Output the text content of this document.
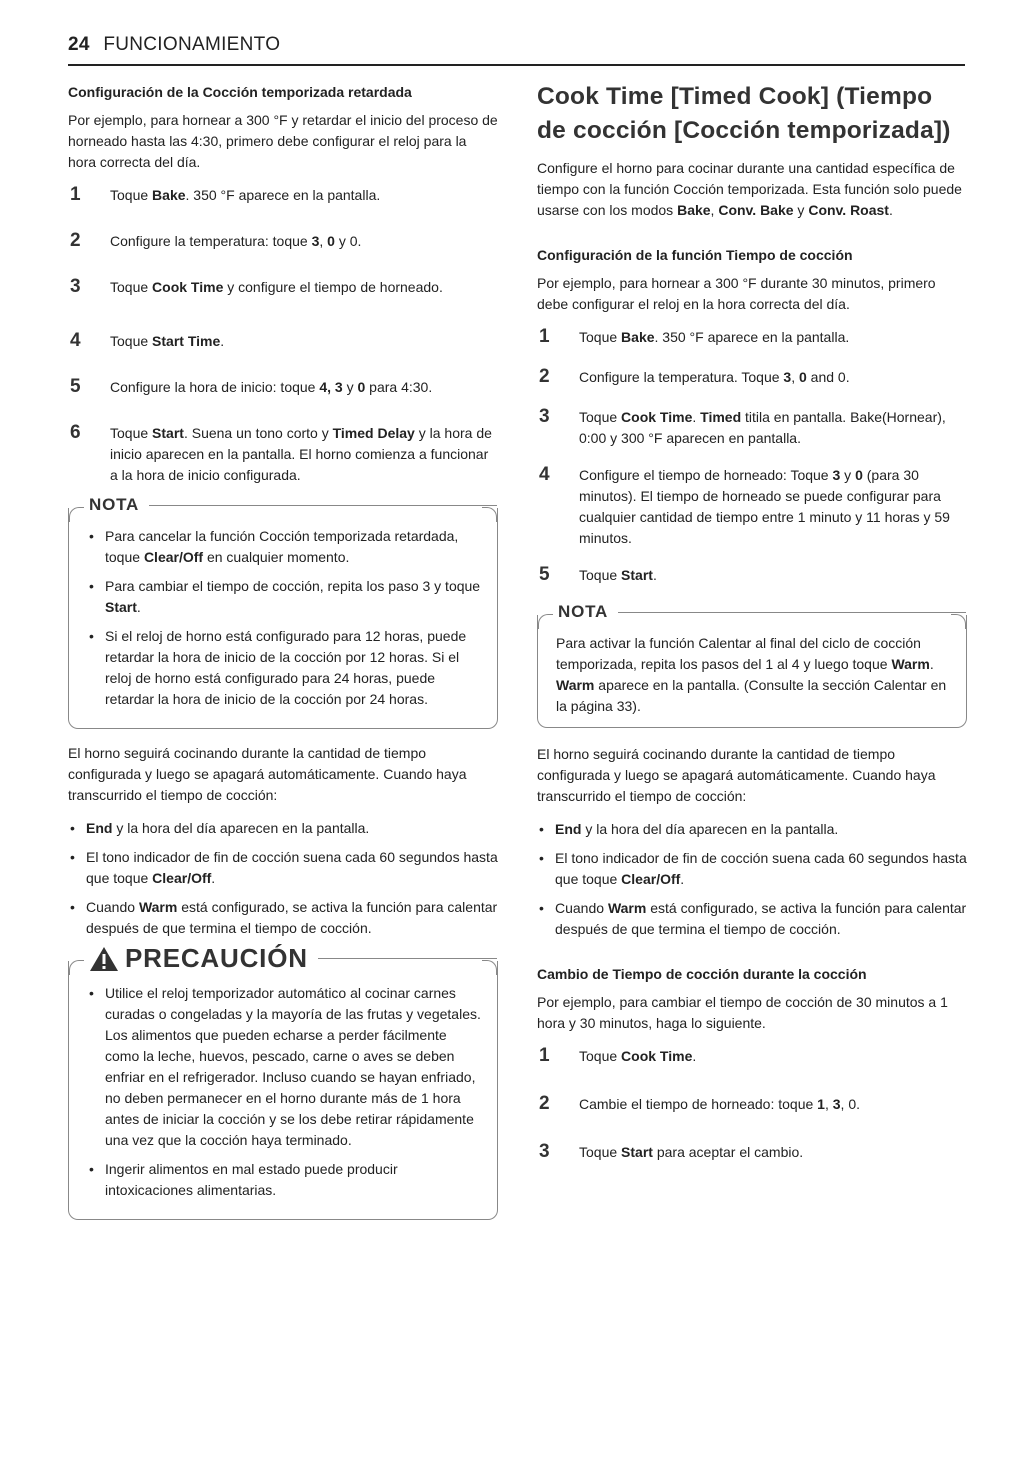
24 FUNCIONAMIENTO
Configuración de la Cocción temporizada retardada
Por ejemplo, para hornear a 300 °F y retardar el inicio del proceso de horneado hasta las 4:30, primero debe configurar el reloj para la hora correcta del día.
1	Toque Bake. 350 °F aparece en la pantalla.
2	Configure la temperatura: toque 3, 0 y 0.
3	Toque Cook Time y configure el tiempo de horneado.
4	Toque Start Time.
5	Configure la hora de inicio: toque 4, 3 y 0 para 4:30.
6	Toque Start. Suena un tono corto y Timed Delay y la hora de inicio aparecen en la pantalla. El horno comienza a funcionar a la hora de inicio configurada.
NOTA
• Para cancelar la función Cocción temporizada retardada, toque Clear/Off en cualquier momento.
• Para cambiar el tiempo de cocción, repita los paso 3 y toque Start.
• Si el reloj de horno está configurado para 12 horas, puede retardar la hora de inicio de la cocción por 12 horas. Si el reloj de horno está configurado para 24 horas, puede retardar la hora de inicio de la cocción por 24 horas.
El horno seguirá cocinando durante la cantidad de tiempo configurada y luego se apagará automáticamente. Cuando haya transcurrido el tiempo de cocción:
• End y la hora del día aparecen en la pantalla.
• El tono indicador de fin de cocción suena cada 60 segundos hasta que toque Clear/Off.
• Cuando Warm está configurado, se activa la función para calentar después de que termina el tiempo de cocción.
PRECAUCIÓN
• Utilice el reloj temporizador automático al cocinar carnes curadas o congeladas y la mayoría de las frutas y vegetales. Los alimentos que pueden echarse a perder fácilmente como la leche, huevos, pescado, carne o aves se deben enfriar en el refrigerador. Incluso cuando se hayan enfriado, no deben permanecer en el horno durante más de 1 hora antes de iniciar la cocción y se los debe retirar rápidamente una vez que la cocción haya terminado.
• Ingerir alimentos en mal estado puede producir intoxicaciones alimentarias.
Cook Time [Timed Cook] (Tiempo de cocción [Cocción temporizada])
Configure el horno para cocinar durante una cantidad específica de tiempo con la función Cocción temporizada. Esta función solo puede usarse con los modos Bake, Conv. Bake y Conv. Roast.
Configuración de la función Tiempo de cocción
Por ejemplo, para hornear a 300 °F durante 30 minutos, primero debe configurar el reloj en la hora correcta del día.
1	Toque Bake. 350 °F aparece en la pantalla.
2	Configure la temperatura. Toque 3, 0 and 0.
3	Toque Cook Time. Timed titila en pantalla. Bake(Hornear), 0:00 y 300 °F aparecen en pantalla.
4	Configure el tiempo de horneado: Toque 3 y 0 (para 30 minutos). El tiempo de horneado se puede configurar para cualquier cantidad de tiempo entre 1 minuto y 11 horas y 59 minutos.
5	Toque Start.
NOTA
Para activar la función Calentar al final del ciclo de cocción temporizada, repita los pasos del 1 al 4 y luego toque Warm. Warm aparece en la pantalla. (Consulte la sección Calentar en la página 33).
El horno seguirá cocinando durante la cantidad de tiempo configurada y luego se apagará automáticamente. Cuando haya transcurrido el tiempo de cocción:
• End y la hora del día aparecen en la pantalla.
• El tono indicador de fin de cocción suena cada 60 segundos hasta que toque Clear/Off.
• Cuando Warm está configurado, se activa la función para calentar después de que termina el tiempo de cocción.
Cambio de Tiempo de cocción durante la cocción
Por ejemplo, para cambiar el tiempo de cocción de 30 minutos a 1 hora y 30 minutos, haga lo siguiente.
1	Toque Cook Time.
2	Cambie el tiempo de horneado: toque 1, 3, 0.
3	Toque Start para aceptar el cambio.
